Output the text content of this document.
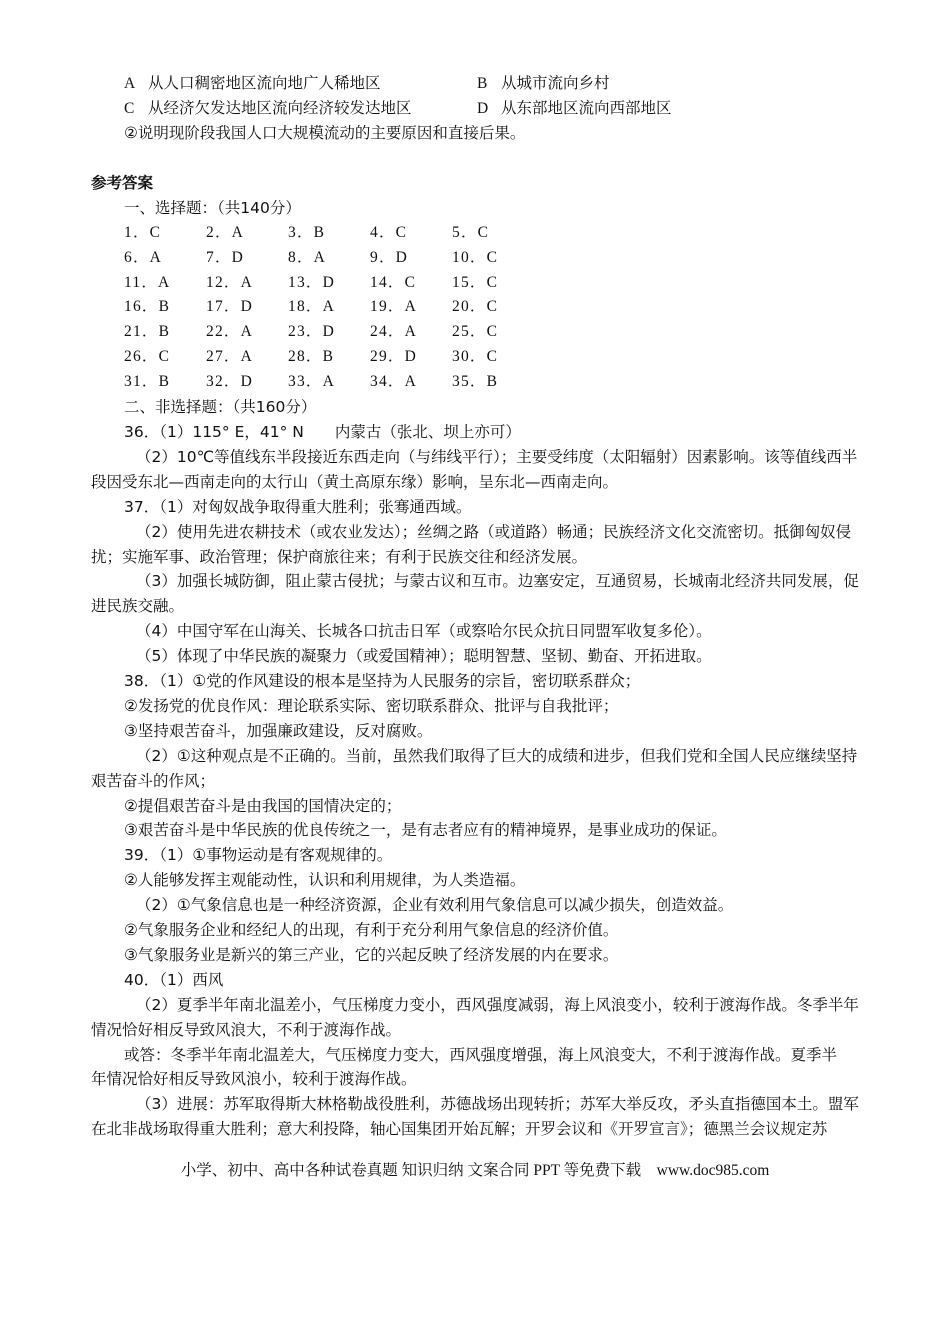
A 从人口稠密地区流向地广人稀地区	B 从城市流向乡村
C 从经济欠发达地区流向经济较发达地区	D 从东部地区流向西部地区
②说明现阶段我国人口大规模流动的主要原因和直接后果。
参考答案
一、选择题：（共140分）
1．C	2．A	3．B	4．C	5．C
6．A	7．D	8．A	9．D	10．C
11．A 12．A 13．D 14．C 15．C
16．B 17．D 18．A 19．A 20．C
21．B 22．A 23．D 24．A 25．C
26．C 27．A 28．B 29．D 30．C
31．B 32．D 33．A 34．A 35．B
二、非选择题：（共160分）
36．（1）115° E，41° N　　内蒙古（张北、坝上亦可）
（2）10℃等值线东半段接近东西走向（与纬线平行）；主要受纬度（太阳辐射）因素影响。该等值线西半
段因受东北—西南走向的太行山（黄土高原东缘）影响，呈东北—西南走向。
37．（1）对匈奴战争取得重大胜利；张骞通西域。
（2）使用先进农耕技术（或农业发达）；丝绸之路（或道路）畅通；民族经济文化交流密切。抵御匈奴侵
扰；实施军事、政治管理；保护商旅往来；有利于民族交往和经济发展。
（3）加强长城防御，阻止蒙古侵扰；与蒙古议和互市。边塞安定，互通贸易，长城南北经济共同发展，促
进民族交融。
（4）中国守军在山海关、长城各口抗击日军（或察哈尔民众抗日同盟军收复多伦）。
（5）体现了中华民族的凝聚力（或爱国精神）；聪明智慧、坚韧、勤奋、开拓进取。
38．（1）①党的作风建设的根本是坚持为人民服务的宗旨，密切联系群众；
②发扬党的优良作风：理论联系实际、密切联系群众、批评与自我批评；
③坚持艰苦奋斗，加强廉政建设，反对腐败。
（2）①这种观点是不正确的。当前，虽然我们取得了巨大的成绩和进步，但我们党和全国人民应继续坚持
艰苦奋斗的作风；
②提倡艰苦奋斗是由我国的国情决定的；
③艰苦奋斗是中华民族的优良传统之一，是有志者应有的精神境界，是事业成功的保证。
39．（1）①事物运动是有客观规律的。
②人能够发挥主观能动性，认识和利用规律，为人类造福。
（2）①气象信息也是一种经济资源，企业有效利用气象信息可以减少损失，创造效益。
②气象服务企业和经纪人的出现，有利于充分利用气象信息的经济价值。
③气象服务业是新兴的第三产业，它的兴起反映了经济发展的内在要求。
40．（1）西风
（2）夏季半年南北温差小，气压梯度力变小，西风强度减弱，海上风浪变小，较利于渡海作战。冬季半年
情况恰好相反导致风浪大，不利于渡海作战。
或答：冬季半年南北温差大，气压梯度力变大，西风强度增强，海上风浪变大，不利于渡海作战。夏季半
年情况恰好相反导致风浪小，较利于渡海作战。
（3）进展：苏军取得斯大林格勒战役胜利，苏德战场出现转折；苏军大举反攻，矛头直指德国本土。盟军
在北非战场取得重大胜利；意大利投降，轴心国集团开始瓦解；开罗会议和《开罗宣言》；德黑兰会议规定苏
小学、初中、高中各种试卷真题 知识归纳 文案合同 PPT 等免费下载　www.doc985.com
